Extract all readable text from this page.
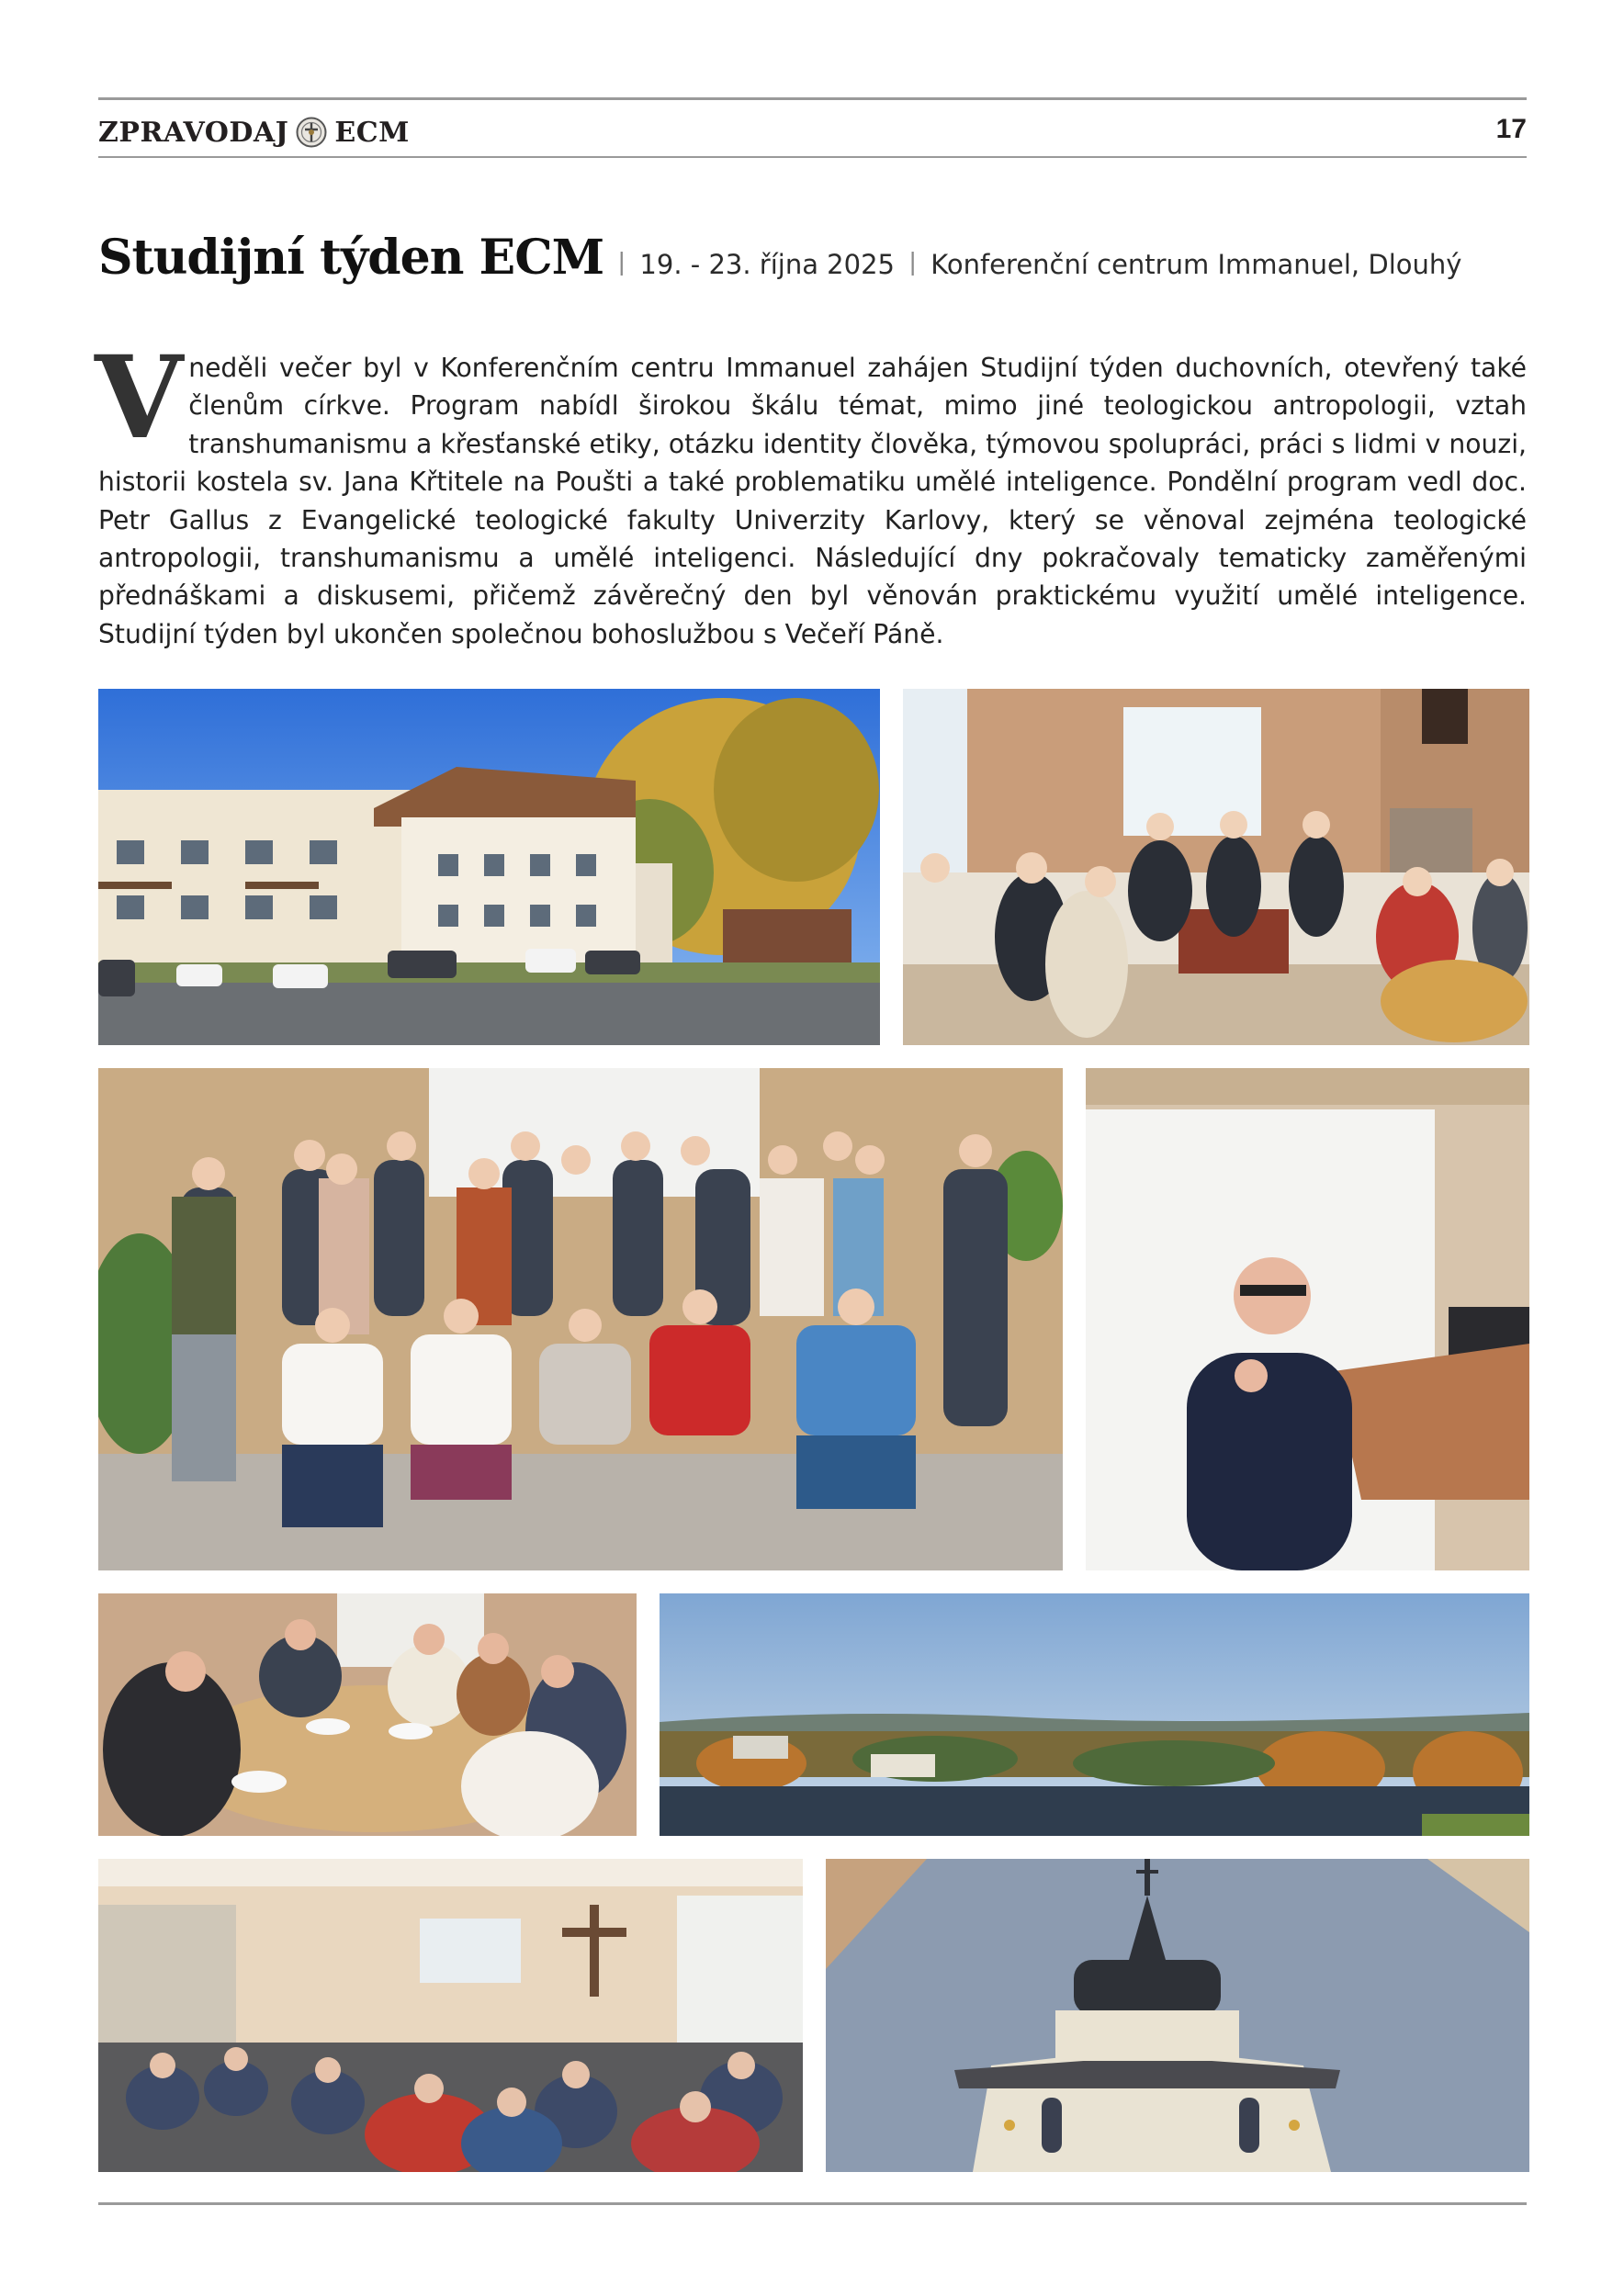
ZPRAVODAJ ECM	17
Studijní týden ECM | 19. - 23. října 2025 | Konferenční centrum Immanuel, Dlouhý
V neděli večer byl v Konferenčním centru Immanuel zahájen Studijní týden duchovních, otevřený také členům církve. Program nabídl širokou škálu témat, mimo jiné teologickou antropologii, vztah transhumanismu a křesťanské etiky, otázku identity člověka, týmovou spolupráci, práci s lidmi v nouzi, historii kostela sv. Jana Křtitele na Poušti a také problematiku umělé inteligence. Pondělní program vedl doc. Petr Gallus z Evangelické teologické fakulty Univerzity Karlovy, který se věnoval zejména teologické antropologii, transhumanismu a umělé inteligenci. Následující dny pokračovaly tematicky zaměřenými přednáškami a diskusemi, přičemž závěrečný den byl věnován praktickému využití umělé inteligence. Studijní týden byl ukončen společnou bohoslužbou s Večeří Páně.
